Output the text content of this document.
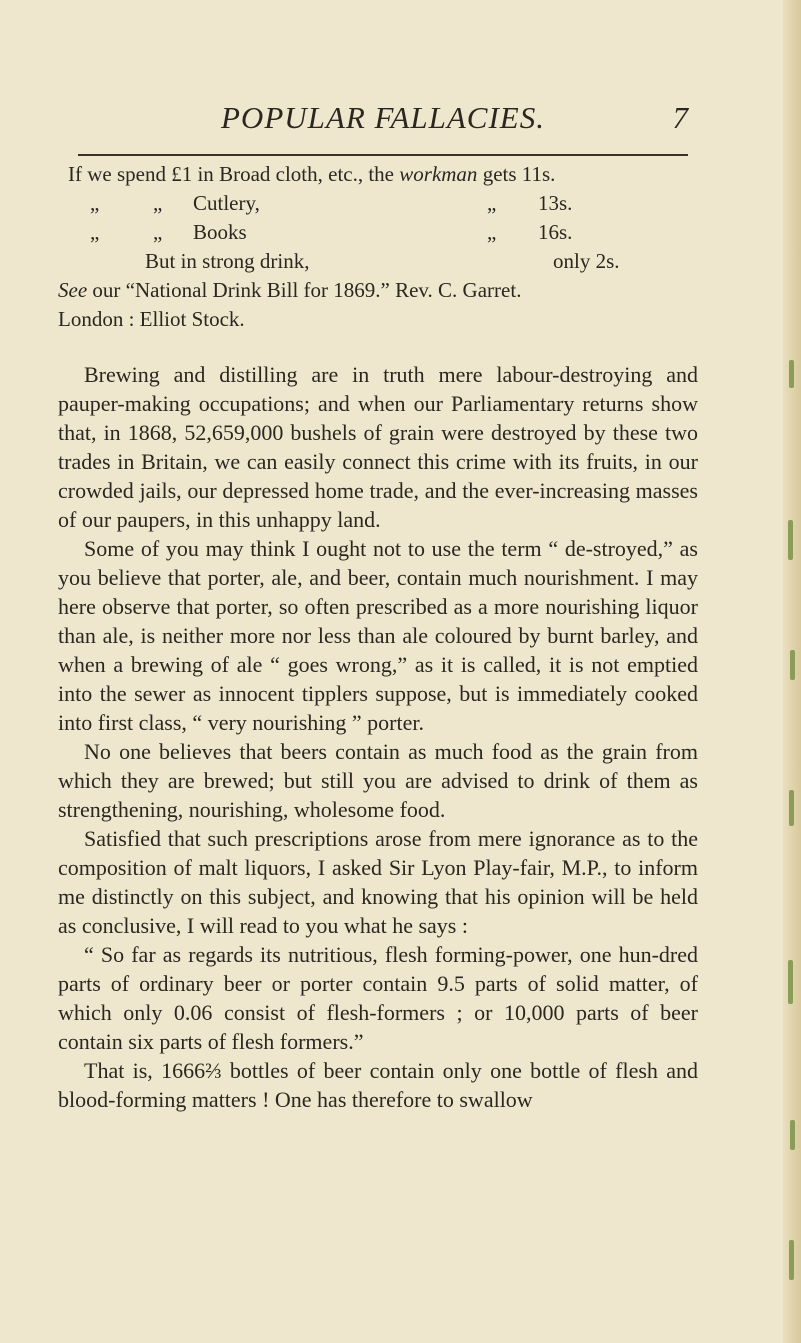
POPULAR FALLACIES.	7
If we spend £1 in Broad cloth, etc., the workman gets 11s.
„	„ Cutlery,	„ 13s.
„	„ Books	„ 16s.
But in strong drink,	only 2s.
See our “National Drink Bill for 1869.” Rev. C. Garret.
London : Elliot Stock.

Brewing and distilling are in truth mere labour-destroying and pauper-making occupations; and when our Parliamentary returns show that, in 1868, 52,659,000 bushels of grain were destroyed by these two trades in Britain, we can easily connect this crime with its fruits, in our crowded jails, our depressed home trade, and the ever-increasing masses of our paupers, in this unhappy land.

Some of you may think I ought not to use the term “ de-stroyed,” as you believe that porter, ale, and beer, contain much nourishment. I may here observe that porter, so often prescribed as a more nourishing liquor than ale, is neither more nor less than ale coloured by burnt barley, and when a brewing of ale “ goes wrong,” as it is called, it is not emptied into the sewer as innocent tipplers suppose, but is immediately cooked into first class, “ very nourishing ” porter.

No one believes that beers contain as much food as the grain from which they are brewed; but still you are advised to drink of them as strengthening, nourishing, wholesome food.

Satisfied that such prescriptions arose from mere ignorance as to the composition of malt liquors, I asked Sir Lyon Play-fair, M.P., to inform me distinctly on this subject, and knowing that his opinion will be held as conclusive, I will read to you what he says :

“ So far as regards its nutritious, flesh forming-power, one hun-dred parts of ordinary beer or porter contain 9.5 parts of solid matter, of which only 0.06 consist of flesh-formers ; or 10,000 parts of beer contain six parts of flesh formers.”

That is, 1666⅔ bottles of beer contain only one bottle of flesh and blood-forming matters ! One has therefore to swallow
